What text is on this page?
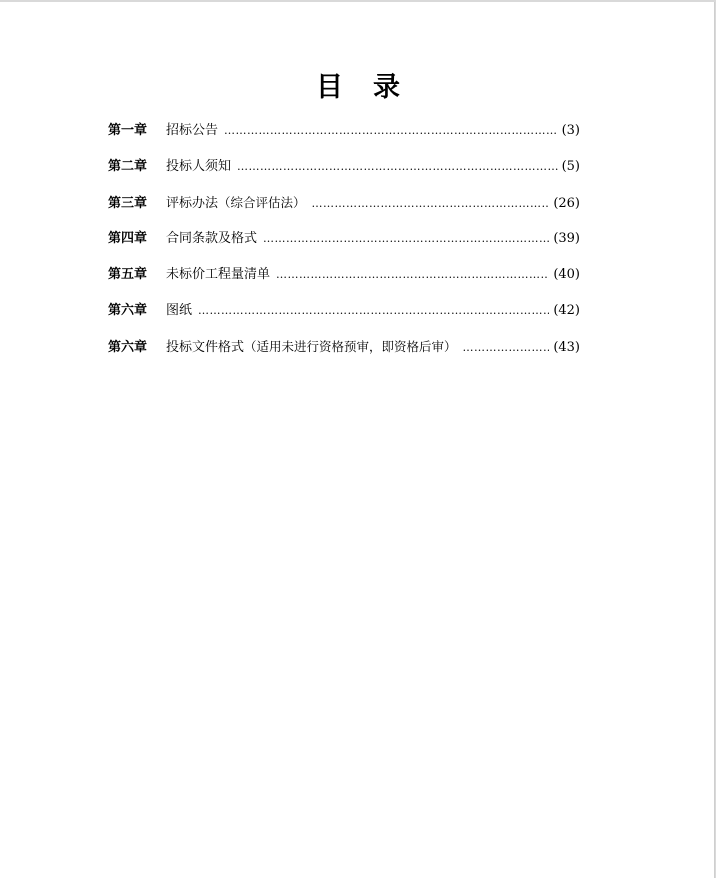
目 录
第一章	招标公告 …………………………………………………………………………………………………………………………………………………………	(3)
第二章	投标人须知 …………………………………………………………………………………………………………………………………………………………	(5)
第三章	评标办法 （综合评估法） …………………………………………………………………………………………………………………………………………………………	(26)
第四章	合同条款及格式 …………………………………………………………………………………………………………………………………………………………	(39)
第五章	未标价工程量清单 …………………………………………………………………………………………………………………………………………………………	(40)
第六章	图纸 …………………………………………………………………………………………………………………………………………………………	(42)
第六章	投标文件格式 （适用未进行资格预审，即资格后审） …………………………………………………………………………………………………………………………………………………………	(43)
